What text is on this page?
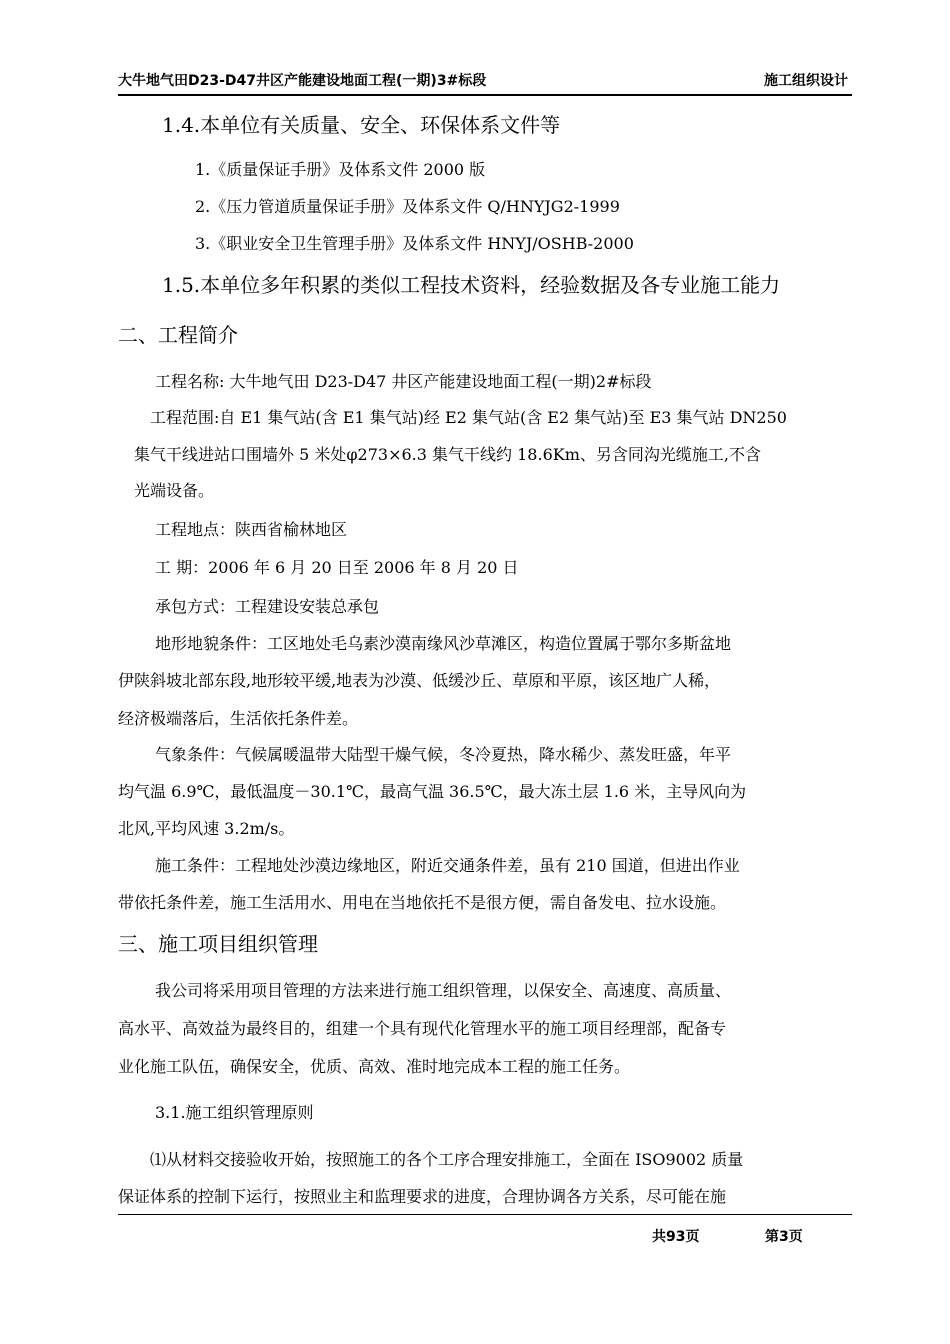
大牛地气田D23-D47井区产能建设地面工程(一期)3#标段	施工组织设计
1.4.本单位有关质量、安全、环保体系文件等
1.《质量保证手册》及体系文件 2000 版
2.《压力管道质量保证手册》及体系文件 Q/HNYJG2-1999
3.《职业安全卫生管理手册》及体系文件 HNYJ/OSHB-2000
1.5.本单位多年积累的类似工程技术资料，经验数据及各专业施工能力
二、工程简介
工程名称: 大牛地气田 D23-D47 井区产能建设地面工程(一期)2#标段
工程范围:自 E1 集气站(含 E1 集气站)经 E2 集气站(含 E2 集气站)至 E3 集气站 DN250
集气干线进站口围墙外 5 米处φ273×6.3 集气干线约 18.6Km、另含同沟光缆施工,不含
光端设备。
工程地点：陕西省榆林地区
工 期：2006 年 6 月 20 日至 2006 年 8 月 20 日
承包方式：工程建设安装总承包
地形地貌条件：工区地处毛乌素沙漠南缘风沙草滩区，构造位置属于鄂尔多斯盆地
伊陕斜坡北部东段,地形较平缓,地表为沙漠、低缓沙丘、草原和平原，该区地广人稀，
经济极端落后，生活依托条件差。
气象条件：气候属暖温带大陆型干燥气候，冬冷夏热，降水稀少、蒸发旺盛，年平
均气温 6.9℃，最低温度－30.1℃，最高气温 36.5℃，最大冻土层 1.6 米，主导风向为
北风,平均风速 3.2m/s。
施工条件：工程地处沙漠边缘地区，附近交通条件差，虽有 210 国道，但进出作业
带依托条件差，施工生活用水、用电在当地依托不是很方便，需自备发电、拉水设施。
三、施工项目组织管理
我公司将采用项目管理的方法来进行施工组织管理，以保安全、高速度、高质量、
高水平、高效益为最终目的，组建一个具有现代化管理水平的施工项目经理部，配备专
业化施工队伍，确保安全，优质、高效、准时地完成本工程的施工任务。
3.1.施工组织管理原则
⑴从材料交接验收开始，按照施工的各个工序合理安排施工，全面在 ISO9002 质量
保证体系的控制下运行，按照业主和监理要求的进度，合理协调各方关系，尽可能在施
共93页	第3页
